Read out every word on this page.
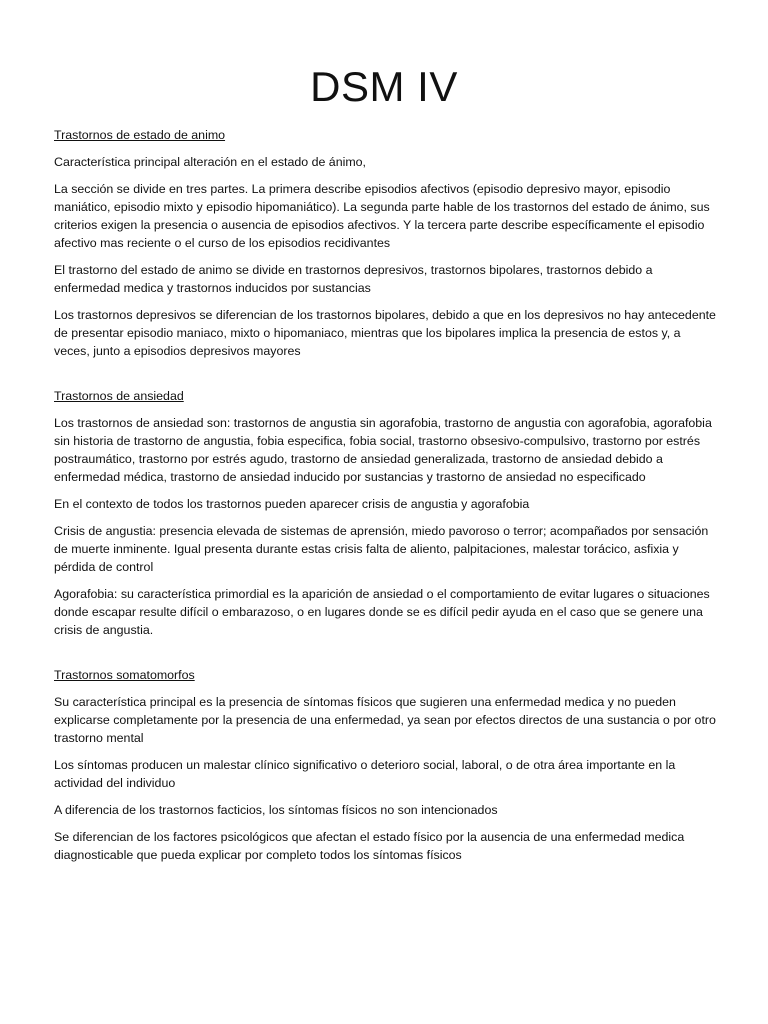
DSM IV

Trastornos de estado de animo

Característica principal alteración en el estado de ánimo,

La sección se divide en tres partes. La primera describe episodios afectivos (episodio depresivo mayor, episodio maniático, episodio mixto y episodio hipomaniático). La segunda parte hable de los trastornos del estado de ánimo, sus criterios exigen la presencia o ausencia de episodios afectivos. Y la tercera parte describe específicamente el episodio afectivo mas reciente o el curso de los episodios recidivantes

El trastorno del estado de animo se divide en trastornos depresivos, trastornos bipolares, trastornos debido a enfermedad medica y trastornos inducidos por sustancias

Los trastornos depresivos se diferencian de los trastornos bipolares, debido a que en los depresivos no hay antecedente de presentar episodio maniaco, mixto o hipomaniaco, mientras que los bipolares implica la presencia de estos y, a veces, junto a episodios depresivos mayores

Trastornos de ansiedad

Los trastornos de ansiedad son: trastornos de angustia sin agorafobia, trastorno de angustia con agorafobia, agorafobia sin historia de trastorno de angustia, fobia especifica, fobia social, trastorno obsesivo-compulsivo, trastorno por estrés postraumático, trastorno por estrés agudo, trastorno de ansiedad generalizada, trastorno de ansiedad debido a enfermedad médica, trastorno de ansiedad inducido por sustancias y trastorno de ansiedad no especificado

En el contexto de todos los trastornos pueden aparecer crisis de angustia y agorafobia

Crisis de angustia: presencia elevada de sistemas de aprensión, miedo pavoroso o terror; acompañados por sensación de muerte inminente. Igual presenta durante estas crisis falta de aliento, palpitaciones, malestar torácico, asfixia y pérdida de control

Agorafobia: su característica primordial es la aparición de ansiedad o el comportamiento de evitar lugares o situaciones donde escapar resulte difícil o embarazoso, o en lugares donde se es difícil pedir ayuda en el caso que se genere una crisis de angustia.

Trastornos somatomorfos

Su característica principal es la presencia de síntomas físicos que sugieren una enfermedad medica y no pueden explicarse completamente por la presencia de una enfermedad, ya sean por efectos directos de una sustancia o por otro trastorno mental

Los síntomas producen un malestar clínico significativo o deterioro social, laboral, o de otra área importante en la actividad del individuo

A diferencia de los trastornos facticios, los síntomas físicos no son intencionados

Se diferencian de los factores psicológicos que afectan el estado físico por la ausencia de una enfermedad medica diagnosticable que pueda explicar por completo todos los síntomas físicos
